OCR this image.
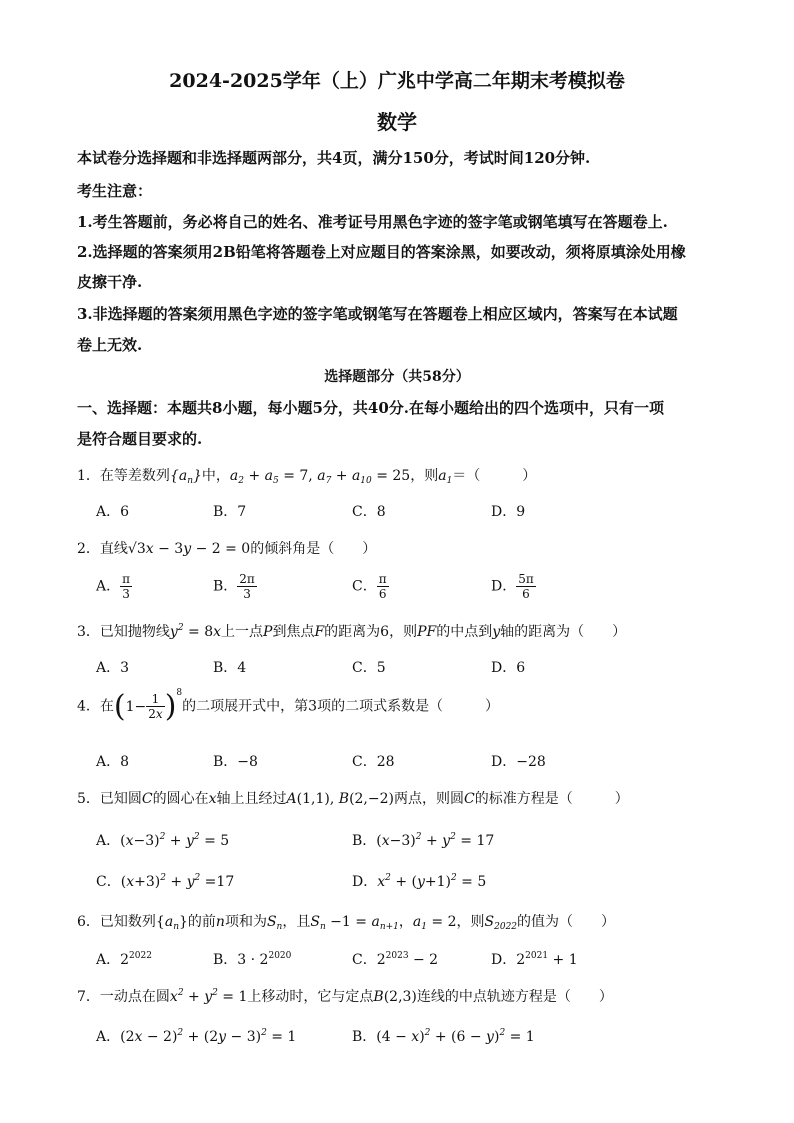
2024-2025学年（上）广兆中学高二年期末考模拟卷
数学
本试卷分选择题和非选择题两部分，共4页，满分150分，考试时间120分钟.
考生注意：
1.考生答题前，务必将自己的姓名、准考证号用黑色字迹的签字笔或钢笔填写在答题卷上.
2.选择题的答案须用2B铅笔将答题卷上对应题目的答案涂黑，如要改动，须将原填涂处用橡
皮擦干净.
3.非选择题的答案须用黑色字迹的签字笔或钢笔写在答题卷上相应区域内，答案写在本试题
卷上无效.
选择题部分（共58分）
一、选择题：本题共8小题，每小题5分，共40分.在每小题给出的四个选项中，只有一项
是符合题目要求的.
1．在等差数列$\{a_n\}$中，$a_2 + a_5 = 7$, $a_7 + a_{10} = 25$，则$a_1=$（　　　）
A．6	B．7	C．8	D．9
2．直线√3x − 3y − 2 = 0的倾斜角是（　　）
A． $\frac{\pi}{3}$	B． $\frac{2\pi}{3}$	C． $\frac{\pi}{6}$	D． $\frac{5\pi}{6}$
3．已知抛物线$y^2 = 8x$上一点P到焦点F的距离为6，则PF的中点到y轴的距离为（　　）
A．3	B．4	C．5	D．6
4．在$(1- \frac{1}{2x} )^8$的二项展开式中，第3项的二项式系数是（　　　）
A．8	B．−8	C．28	D．−28
5．已知圆C的圆心在x轴上且经过A(1,1), B(2,−2)两点，则圆C的标准方程是（　　　）
A．$(x-3)^2 + y^2 = 5$	B．$(x-3)^2 + y^2 = 17$
C．$(x+3)^2 + y^2 =17$	D．$x^2 + (y+1)^2 = 5$
6．已知数列$\{a_n\}$的前n项和为$S_n$，且$S_n -1 = a_{n+1}$，$a_1 = 2$，则$S_{2022}$的值为（　　）
A．$2^{2022}$	B．$3 \cdot 2^{2020}$	C．$2^{2023} - 2$	D．$2^{2021} + 1$
7．一动点在圆$x^2 + y^2 = 1$上移动时，它与定点B(2,3)连线的中点轨迹方程是（　　）
A．$(2x - 2)^2 + (2y - 3)^2 = 1$	B．$(4 - x)^2 + (6 - y)^2 = 1$
